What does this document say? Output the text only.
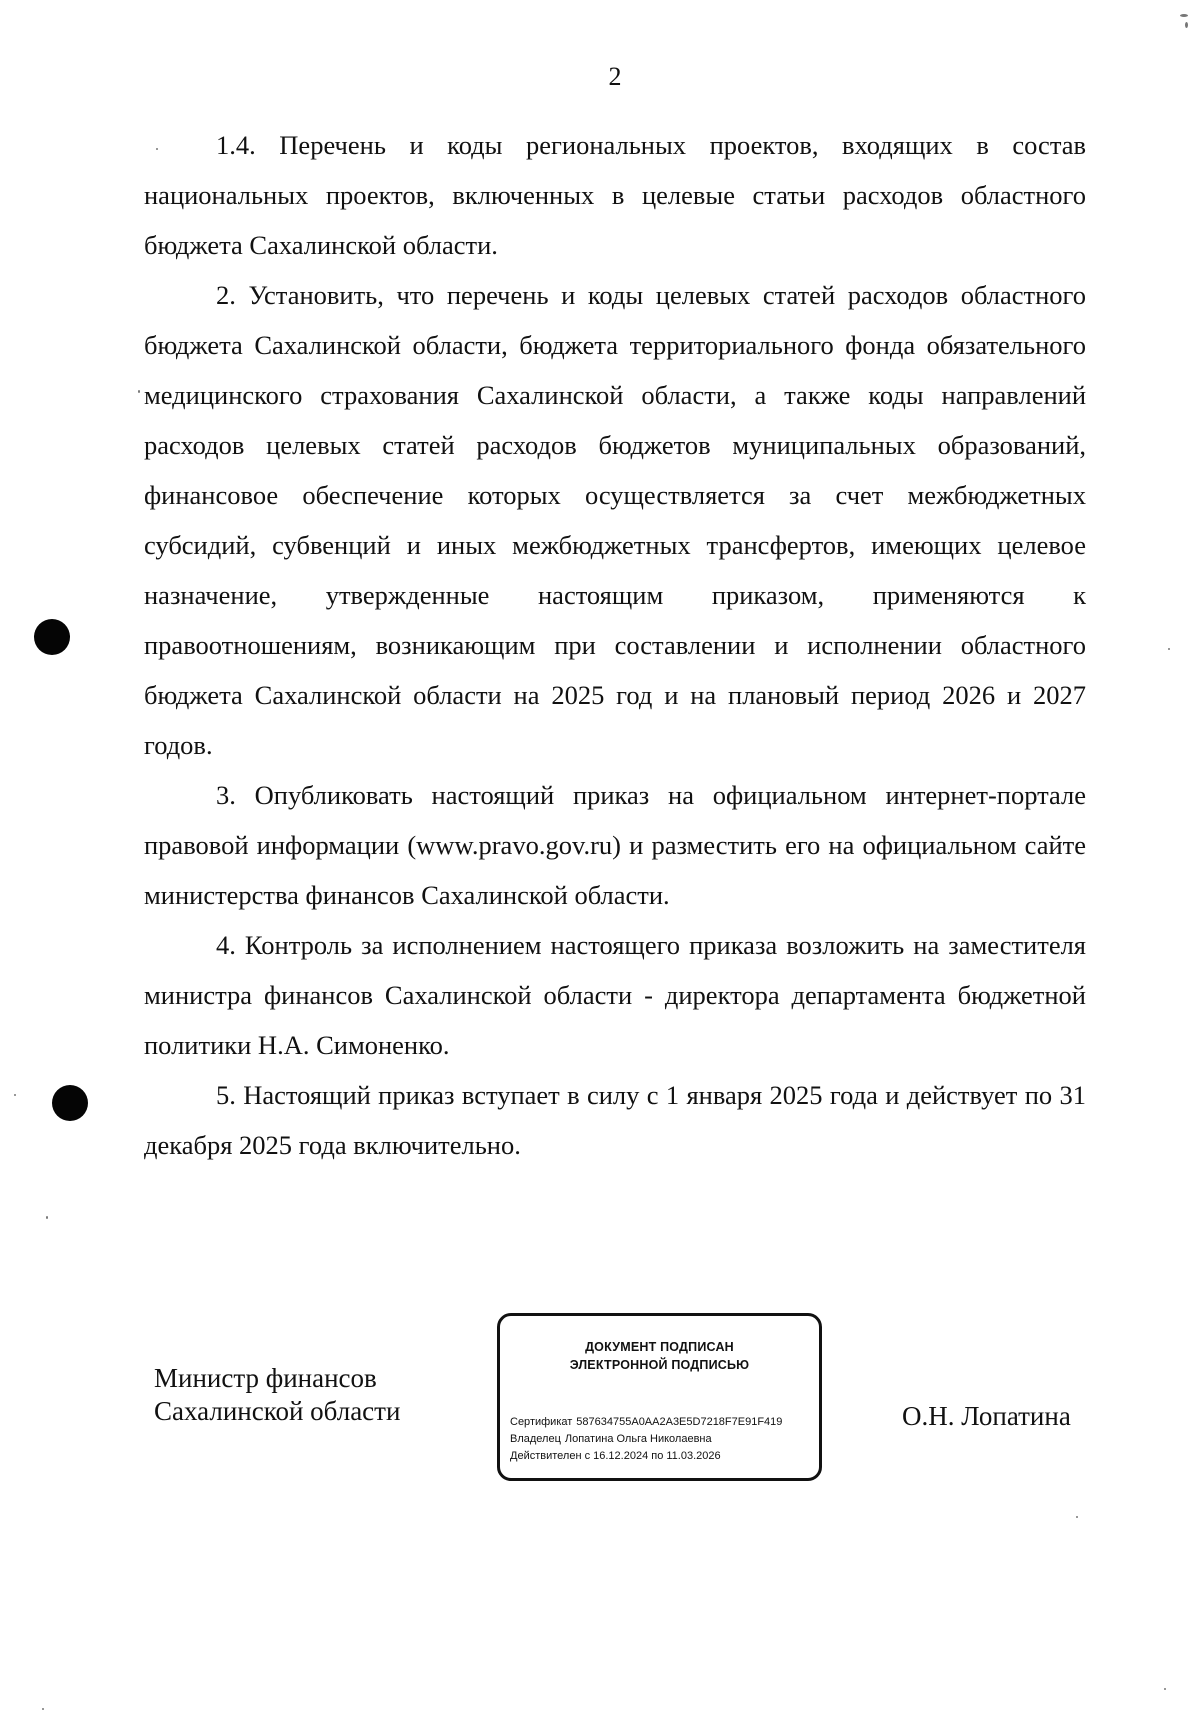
2

1.4. Перечень и коды региональных проектов, входящих в состав национальных проектов, включенных в целевые статьи расходов областного бюджета Сахалинской области.

2. Установить, что перечень и коды целевых статей расходов областного бюджета Сахалинской области, бюджета территориального фонда обязательного медицинского страхования Сахалинской области, а также коды направлений расходов целевых статей расходов бюджетов муниципальных образований, финансовое обеспечение которых осуществляется за счет межбюджетных субсидий, субвенций и иных межбюджетных трансфертов, имеющих целевое назначение, утвержденные настоящим приказом, применяются к правоотношениям, возникающим при составлении и исполнении областного бюджета Сахалинской области на 2025 год и на плановый период 2026 и 2027 годов.

3. Опубликовать настоящий приказ на официальном интернет-портале правовой информации (www.pravo.gov.ru) и разместить его на официальном сайте министерства финансов Сахалинской области.

4. Контроль за исполнением настоящего приказа возложить на заместителя министра финансов Сахалинской области - директора департамента бюджетной политики Н.А. Симоненко.

5. Настоящий приказ вступает в силу с 1 января 2025 года и действует по 31 декабря 2025 года включительно.

Министр финансов
Сахалинской области
ДОКУМЕНТ ПОДПИСАН
ЭЛЕКТРОННОЙ ПОДПИСЬЮ
Сертификат 587634755A0AA2A3E5D7218F7E91F419
Владелец Лопатина Ольга Николаевна
Действителен с 16.12.2024 по 11.03.2026
О.Н. Лопатина
